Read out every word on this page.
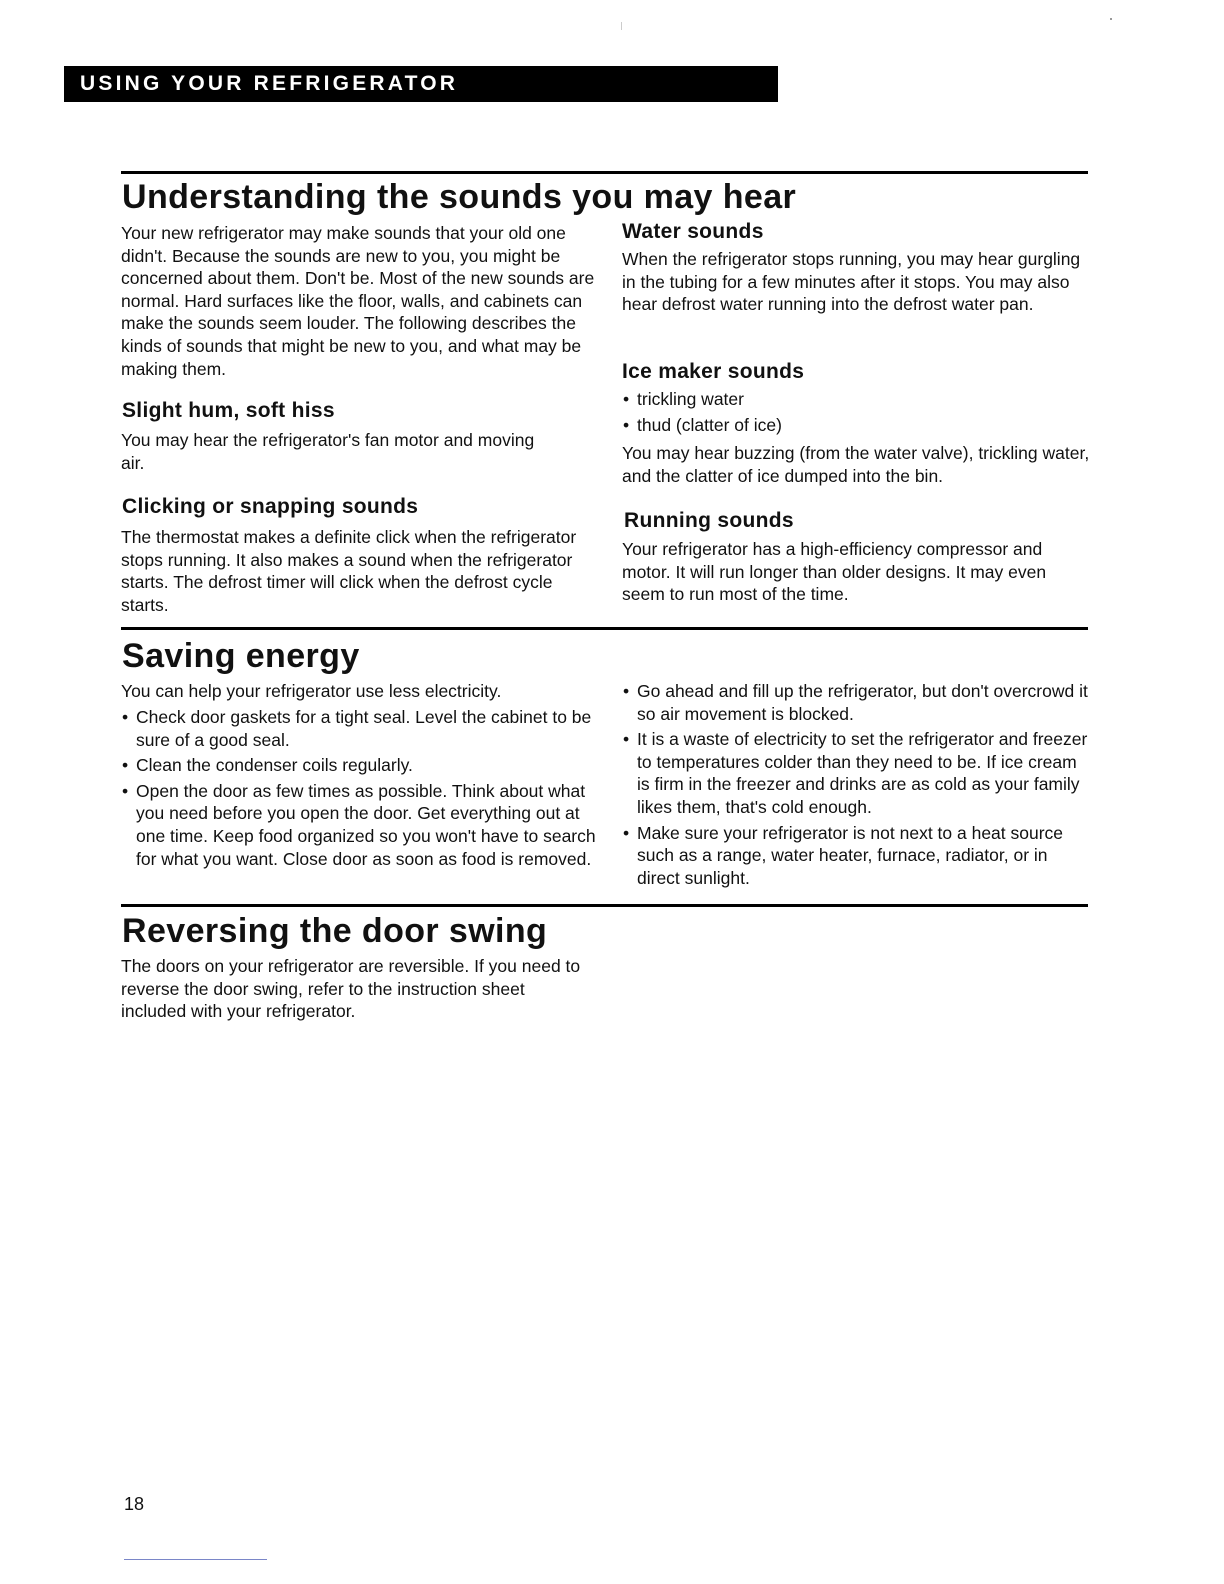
USING YOUR REFRIGERATOR
Understanding the sounds you may hear

Your new refrigerator may make sounds that your old one didn't. Because the sounds are new to you, you might be concerned about them. Don't be. Most of the new sounds are normal. Hard surfaces like the floor, walls, and cabinets can make the sounds seem louder. The following describes the kinds of sounds that might be new to you, and what may be making them.

Slight hum, soft hiss

You may hear the refrigerator's fan motor and moving air.

Clicking or snapping sounds

The thermostat makes a definite click when the refrigerator stops running. It also makes a sound when the refrigerator starts. The defrost timer will click when the defrost cycle starts.

Water sounds

When the refrigerator stops running, you may hear gurgling in the tubing for a few minutes after it stops. You may also hear defrost water running into the defrost water pan.

Ice maker sounds
• trickling water
• thud (clatter of ice)

You may hear buzzing (from the water valve), trickling water, and the clatter of ice dumped into the bin.

Running sounds

Your refrigerator has a high-efficiency compressor and motor. It will run longer than older designs. It may even seem to run most of the time.

Saving energy

You can help your refrigerator use less electricity.

• Check door gaskets for a tight seal. Level the cabinet to be sure of a good seal.
• Clean the condenser coils regularly.
• Open the door as few times as possible. Think about what you need before you open the door. Get everything out at one time. Keep food organized so you won't have to search for what you want. Close door as soon as food is removed.
• Go ahead and fill up the refrigerator, but don't overcrowd it so air movement is blocked.
• It is a waste of electricity to set the refrigerator and freezer to temperatures colder than they need to be. If ice cream is firm in the freezer and drinks are as cold as your family likes them, that's cold enough.
• Make sure your refrigerator is not next to a heat source such as a range, water heater, furnace, radiator, or in direct sunlight.
Reversing the door swing

The doors on your refrigerator are reversible. If you need to reverse the door swing, refer to the instruction sheet included with your refrigerator.

18
